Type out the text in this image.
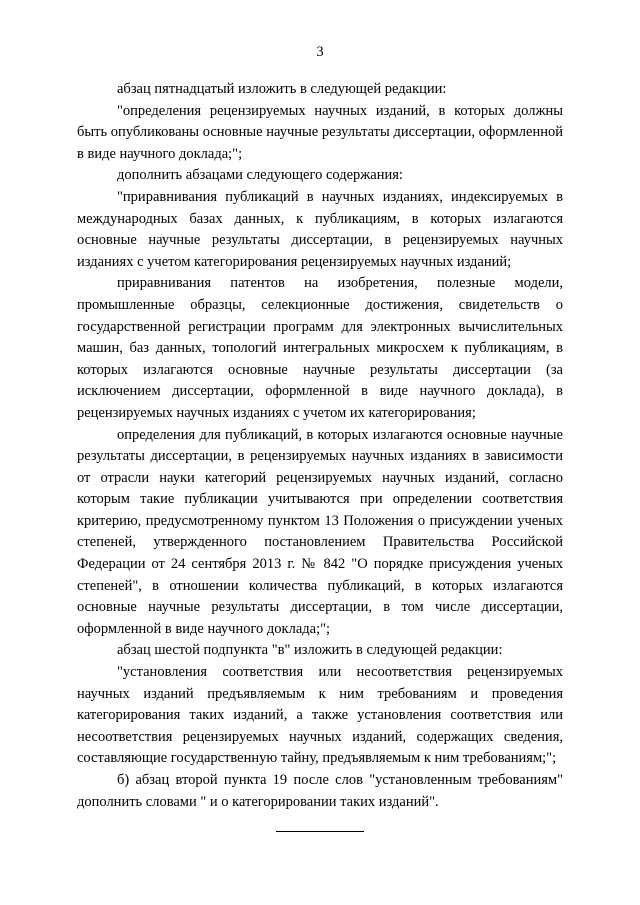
3

абзац пятнадцатый изложить в следующей редакции:

"определения рецензируемых научных изданий, в которых должны быть опубликованы основные научные результаты диссертации, оформленной в виде научного доклада;";

дополнить абзацами следующего содержания:

"приравнивания публикаций в научных изданиях, индексируемых в международных базах данных, к публикациям, в которых излагаются основные научные результаты диссертации, в рецензируемых научных изданиях с учетом категорирования рецензируемых научных изданий;

приравнивания патентов на изобретения, полезные модели, промышленные образцы, селекционные достижения, свидетельств о государственной регистрации программ для электронных вычислительных машин, баз данных, топологий интегральных микросхем к публикациям, в которых излагаются основные научные результаты диссертации (за исключением диссертации, оформленной в виде научного доклада), в рецензируемых научных изданиях с учетом их категорирования;

определения для публикаций, в которых излагаются основные научные результаты диссертации, в рецензируемых научных изданиях в зависимости от отрасли науки категорий рецензируемых научных изданий, согласно которым такие публикации учитываются при определении соответствия критерию, предусмотренному пунктом 13 Положения о присуждении ученых степеней, утвержденного постановлением Правительства Российской Федерации от 24 сентября 2013 г. № 842 "О порядке присуждения ученых степеней", в отношении количества публикаций, в которых излагаются основные научные результаты диссертации, в том числе диссертации, оформленной в виде научного доклада;";

абзац шестой подпункта "в" изложить в следующей редакции:

"установления соответствия или несоответствия рецензируемых научных изданий предъявляемым к ним требованиям и проведения категорирования таких изданий, а также установления соответствия или несоответствия рецензируемых научных изданий, содержащих сведения, составляющие государственную тайну, предъявляемым к ним требованиям;";

б) абзац второй пункта 19 после слов "установленным требованиям" дополнить словами " и о категорировании таких изданий".
